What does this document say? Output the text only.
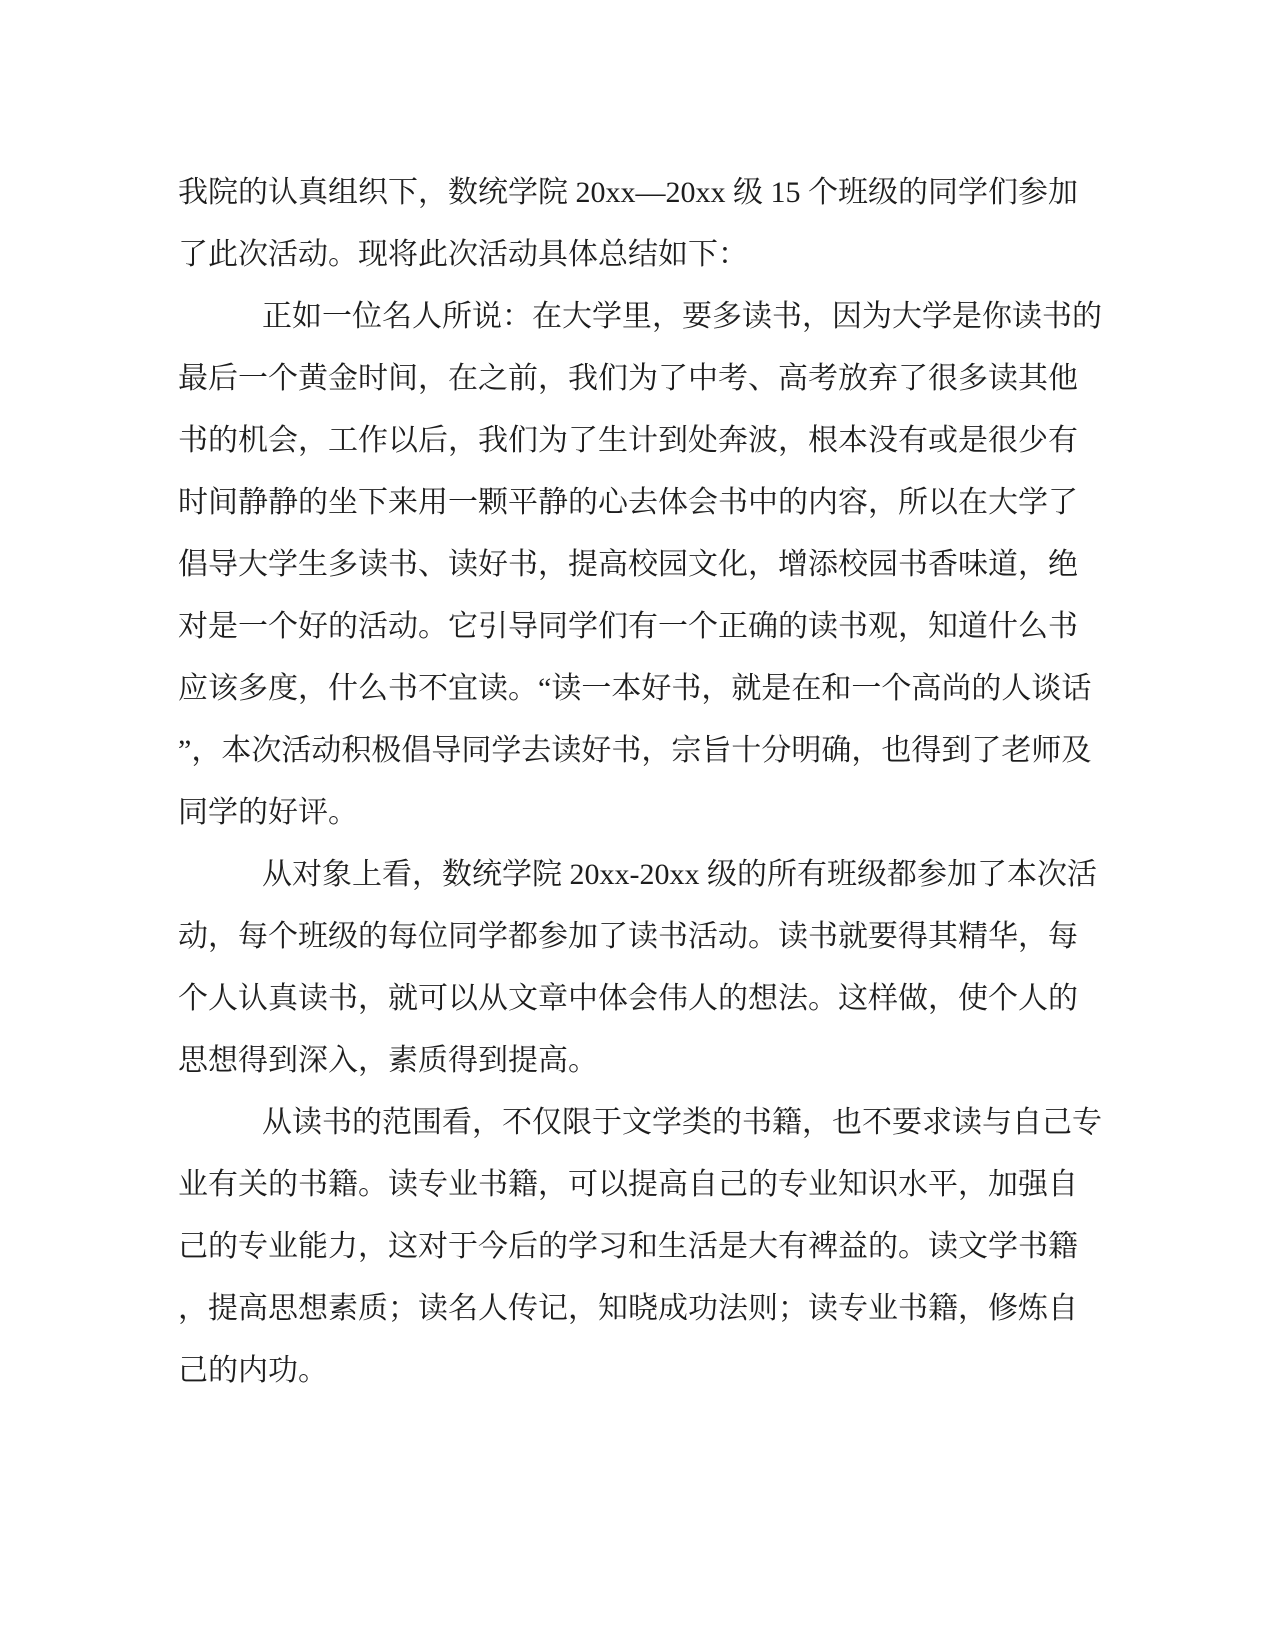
我院的认真组织下，数统学院 20xx—20xx 级 15 个班级的同学们参加
了此次活动。现将此次活动具体总结如下：
正如一位名人所说：在大学里，要多读书，因为大学是你读书的
最后一个黄金时间，在之前，我们为了中考、高考放弃了很多读其他
书的机会，工作以后，我们为了生计到处奔波，根本没有或是很少有
时间静静的坐下来用一颗平静的心去体会书中的内容，所以在大学了
倡导大学生多读书、读好书，提高校园文化，增添校园书香味道，绝
对是一个好的活动。它引导同学们有一个正确的读书观，知道什么书
应该多度，什么书不宜读。“读一本好书，就是在和一个高尚的人谈话
”，本次活动积极倡导同学去读好书，宗旨十分明确，也得到了老师及
同学的好评。
从对象上看，数统学院 20xx-20xx 级的所有班级都参加了本次活
动，每个班级的每位同学都参加了读书活动。读书就要得其精华，每
个人认真读书，就可以从文章中体会伟人的想法。这样做，使个人的
思想得到深入，素质得到提高。
从读书的范围看，不仅限于文学类的书籍，也不要求读与自己专
业有关的书籍。读专业书籍，可以提高自己的专业知识水平，加强自
己的专业能力，这对于今后的学习和生活是大有裨益的。读文学书籍
，提高思想素质；读名人传记，知晓成功法则；读专业书籍，修炼自
己的内功。
